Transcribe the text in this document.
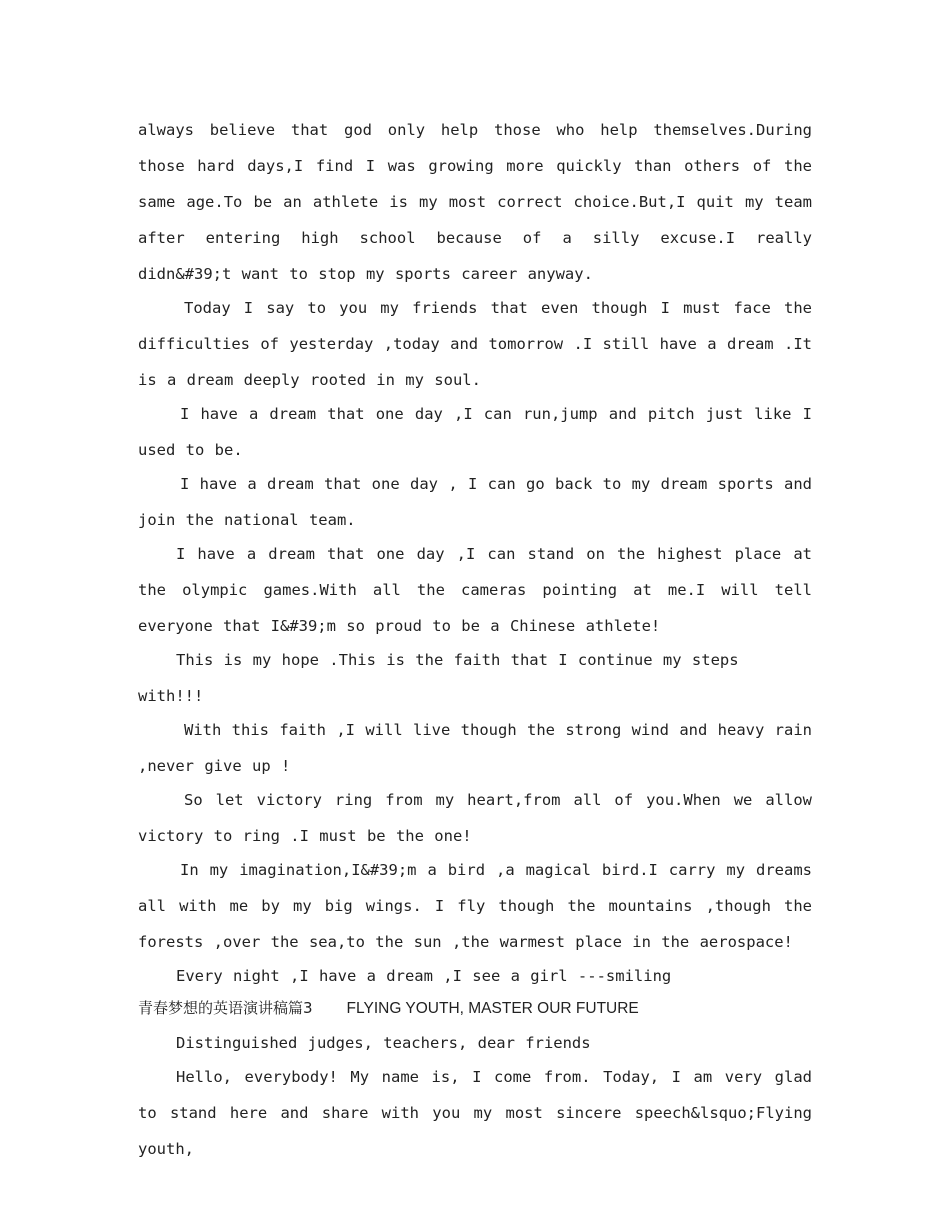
always believe that god only help those who help themselves.During those hard days,I find I was growing more quickly than others of the same age.To be an athlete is my most correct choice.But,I quit my team after entering high school because of a silly excuse.I really didn&#39;t want to stop my sports career anyway.

Today I say to you my friends that even though I must face the difficulties of yesterday ,today and tomorrow .I still have a dream .It is a dream deeply rooted in my soul.

I have a dream that one day ,I can run,jump and pitch just like I used to be.

I have a dream that one day , I can go back to my dream sports and join the national team.

I have a dream that one day ,I can stand on the highest place at the olympic games.With all the cameras pointing at me.I will tell everyone that I&#39;m so proud to be a Chinese athlete!

This is my hope .This is the faith that I continue my steps with!!!

With this faith ,I will live though the strong wind and heavy rain ,never give up !

So let victory ring from my heart,from all of you.When we allow victory to ring .I must be the one!

In my imagination,I&#39;m a bird ,a magical bird.I carry my dreams all with me by my big wings. I fly though the mountains ,though the forests ,over the sea,to the sun ,the warmest place in the aerospace!

Every night ,I have a dream ,I see a girl ---smiling

青春梦想的英语演讲稿篇3 FLYING YOUTH, MASTER OUR FUTURE

Distinguished judges, teachers, dear friends

Hello, everybody! My name is, I come from. Today, I am very glad to stand here and share with you my most sincere speech&lsquo;Flying youth,
